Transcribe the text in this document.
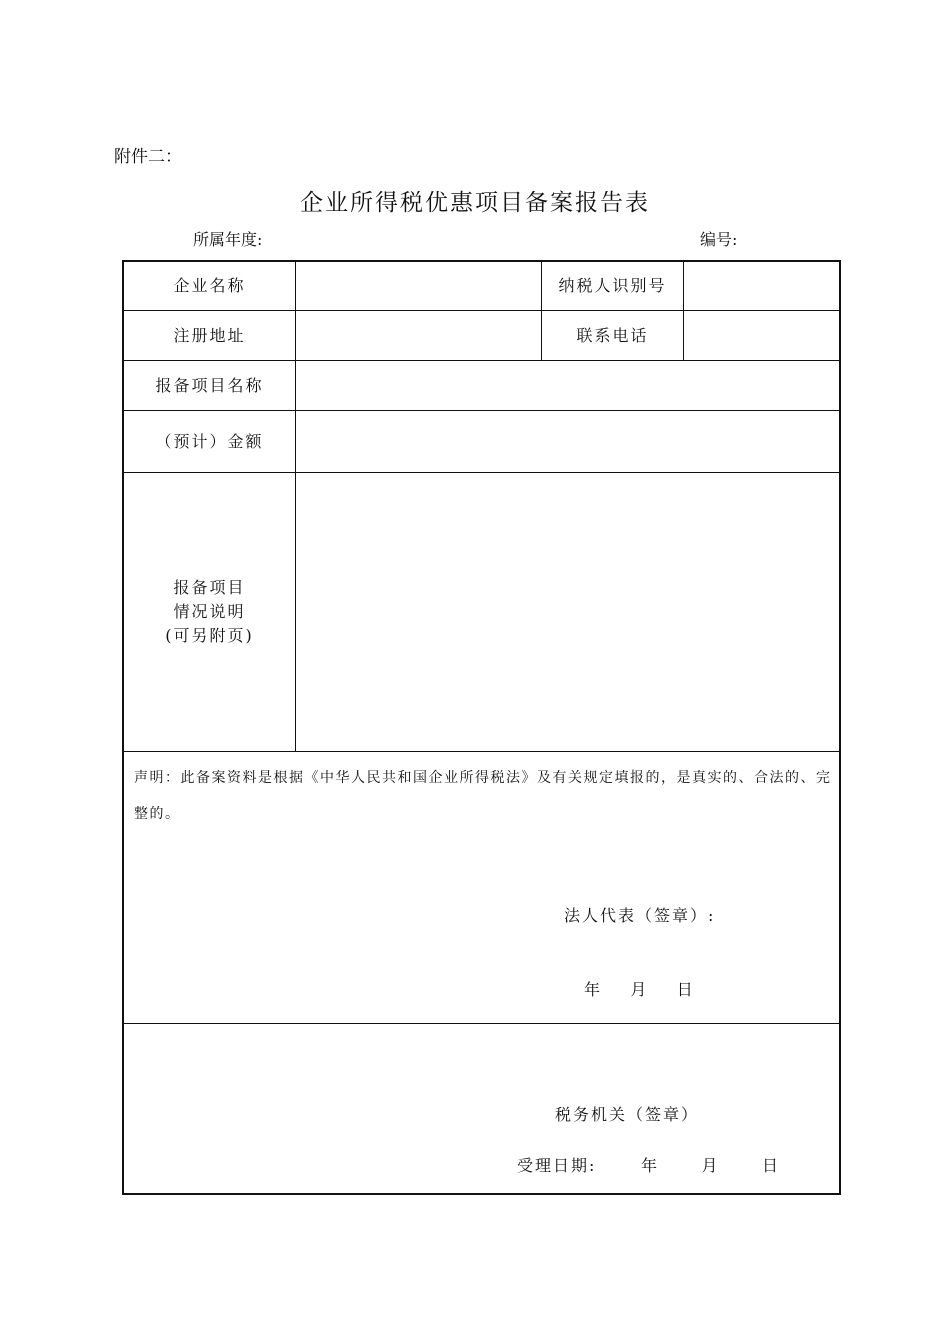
附件二：
企业所得税优惠项目备案报告表
所属年度:	编号:
企业名称	纳税人识别号
注册地址	联系电话
报备项目名称
（预计）金额
报备项目
情况说明
(可另附页)
声明：此备案资料是根据《中华人民共和国企业所得税法》及有关规定填报的，是真实的、合法的、完整的。
法人代表（签章）:
年    月    日
税务机关（签章）
受理日期:	年      月      日
